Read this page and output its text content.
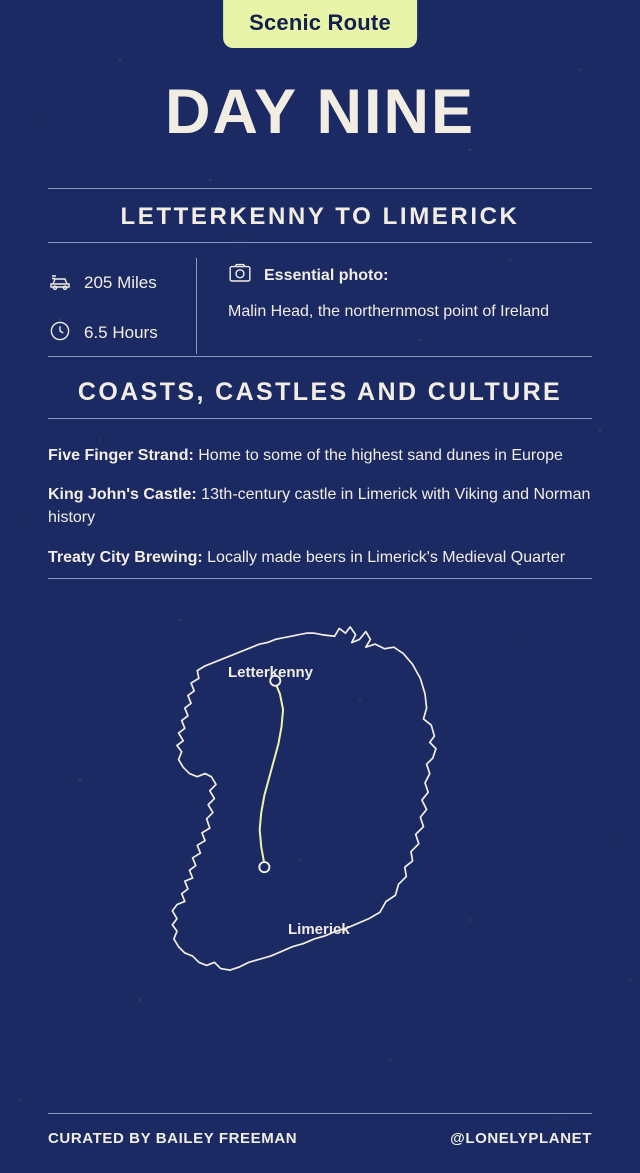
Scenic Route
DAY NINE
LETTERKENNY TO LIMERICK
205 Miles
6.5 Hours
Essential photo:
Malin Head, the northernmost point of Ireland
COASTS, CASTLES AND CULTURE
Five Finger Strand: Home to some of the highest sand dunes in Europe
King John's Castle: 13th-century castle in Limerick with Viking and Norman history
Treaty City Brewing: Locally made beers in Limerick's Medieval Quarter
Letterkenny
Limerick
CURATED BY BAILEY FREEMAN	@LONELYPLANET
